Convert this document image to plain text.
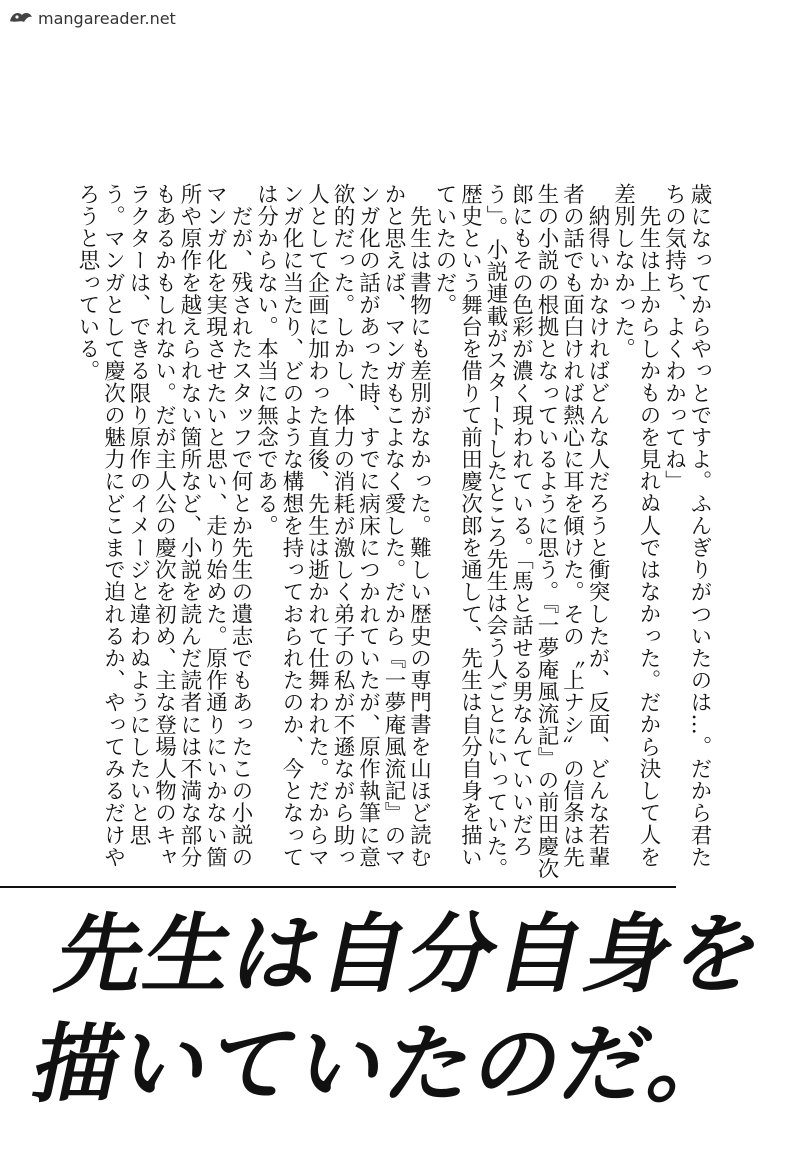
mangareader.net

歳になってからやっとですよ。ふんぎりがついたのは…。だから君たちの気持ち、よくわかってね」

先生は上からしかものを見れぬ人ではなかった。だから決して人を差別しなかった。

納得いかなければどんな人だろうと衝突したが、反面、どんな若輩者の話でも面白ければ熱心に耳を傾けた。その〝上ナシ〟の信条は先生の小説の根拠となっているように思う。『一夢庵風流記』の前田慶次郎にもその色彩が濃く現われている。「馬と話せる男なんていいだろう」。小説連載がスタートしたところ先生は会う人ごとにいっていた。歴史という舞台を借りて前田慶次郎を通して、先生は自分自身を描いていたのだ。

先生は書物にも差別がなかった。難しい歴史の専門書を山ほど読むかと思えば、マンガもこよなく愛した。だから『一夢庵風流記』のマンガ化の話があった時、すでに病床につかれていたが、原作執筆に意欲的だった。しかし、体力の消耗が激しく弟子の私が不遜ながら助っ人として企画に加わった直後、先生は逝かれて仕舞われた。だからマンガ化に当たり、どのような構想を持っておられたのか、今となっては分からない。本当に無念である。

だが、残されたスタッフで何とか先生の遺志でもあったこの小説のマンガ化を実現させたいと思い、走り始めた。原作通りにいかない箇所や原作を越えられない箇所など、小説を読んだ読者には不満な部分もあるかもしれない。だが主人公の慶次を初め、主な登場人物のキャラクターは、できる限り原作のイメージと違わぬようにしたいと思う。マンガとして慶次の魅力にどこまで迫れるか、やってみるだけやろうと思っている。

先生は自分自身を
描いていたのだ。
